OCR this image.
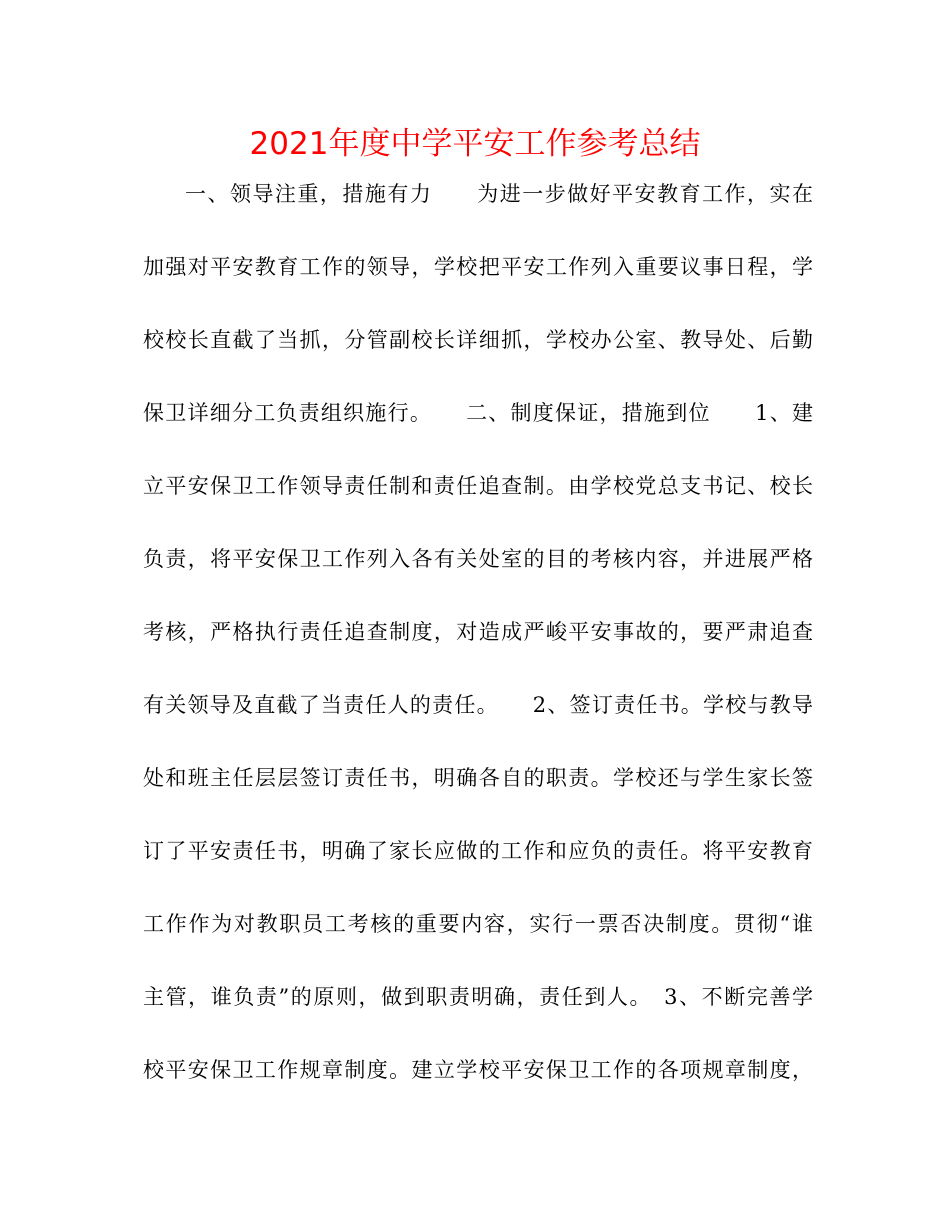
2021年度中学平安工作参考总结
一、领导注重，措施有力　　为进一步做好平安教育工作，实在
加强对平安教育工作的领导，学校把平安工作列入重要议事日程，学
校校长直截了当抓，分管副校长详细抓，学校办公室、教导处、后勤
保卫详细分工负责组织施行。　　二、制度保证，措施到位　　1、建
立平安保卫工作领导责任制和责任追查制。由学校党总支书记、校长
负责，将平安保卫工作列入各有关处室的目的考核内容，并进展严格
考核，严格执行责任追查制度，对造成严峻平安事故的，要严肃追查
有关领导及直截了当责任人的责任。　　2、签订责任书。学校与教导
处和班主任层层签订责任书，明确各自的职责。学校还与学生家长签
订了平安责任书，明确了家长应做的工作和应负的责任。将平安教育
工作作为对教职员工考核的重要内容，实行一票否决制度。贯彻“谁
主管，谁负责”的原则，做到职责明确，责任到人。　3、不断完善学
校平安保卫工作规章制度。建立学校平安保卫工作的各项规章制度，
